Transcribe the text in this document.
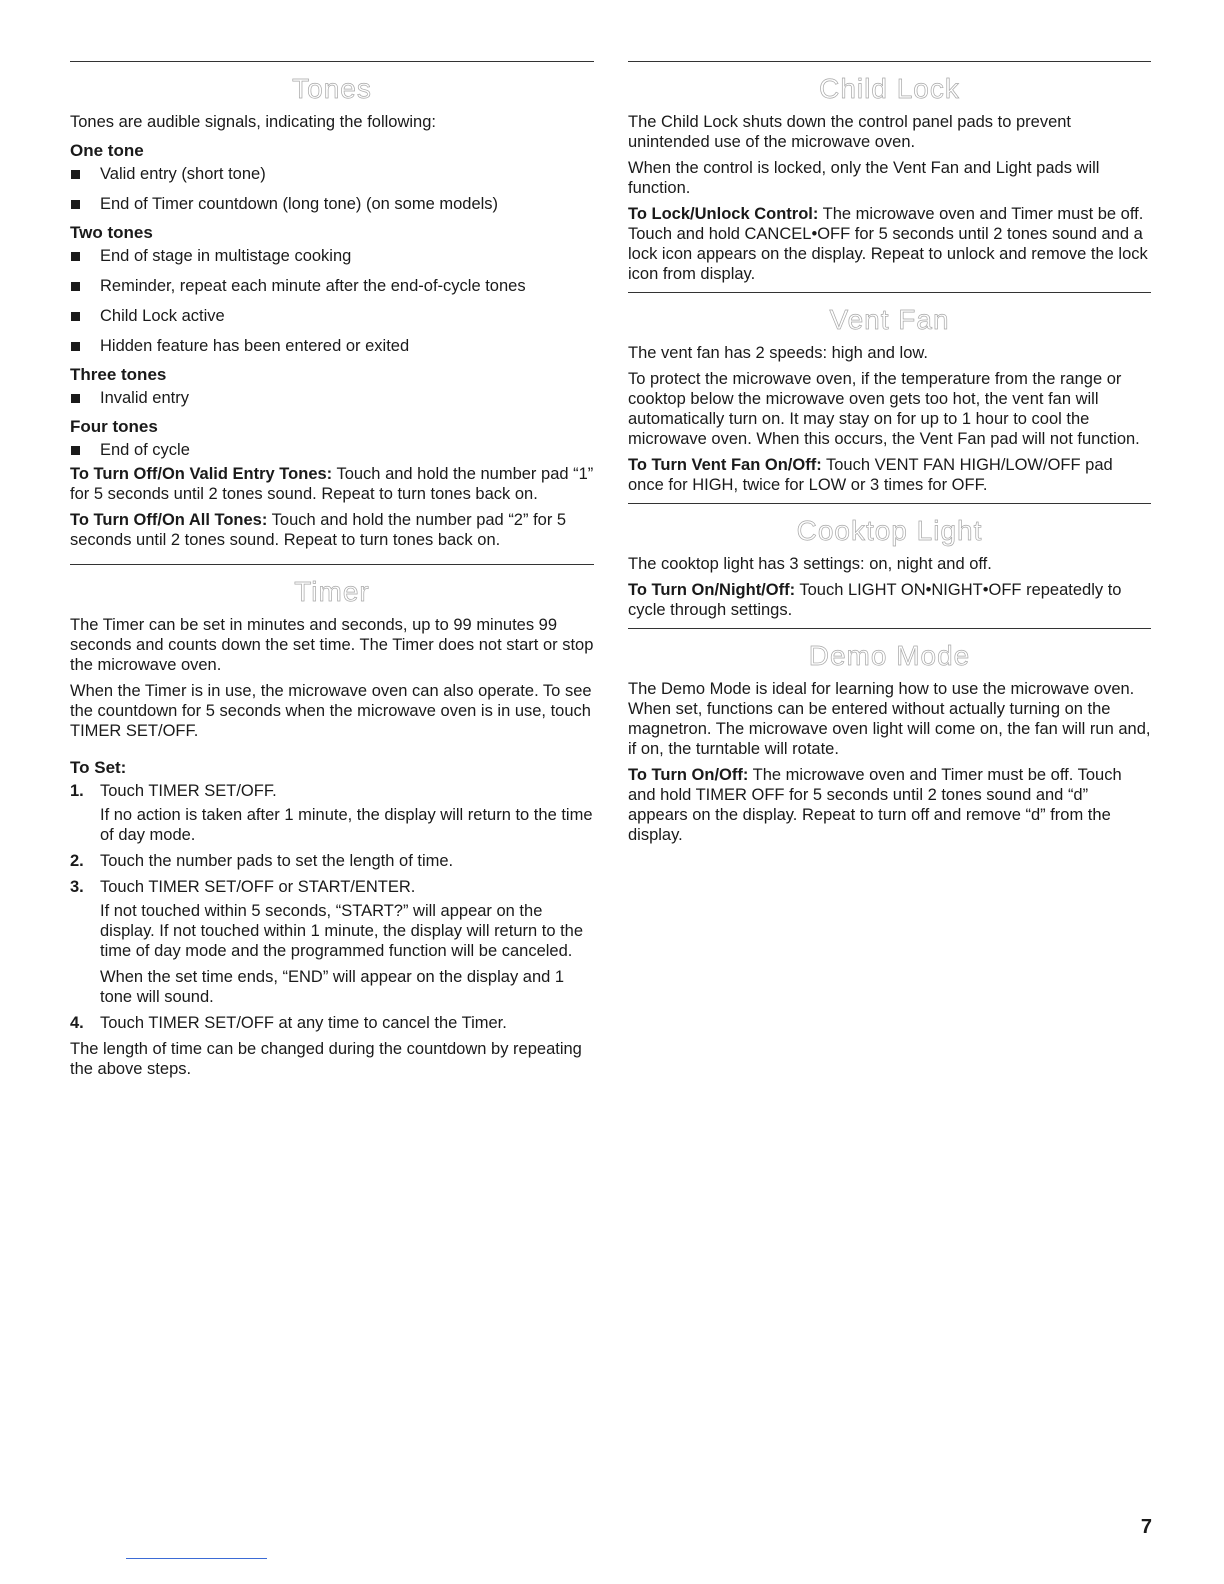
Tones

Tones are audible signals, indicating the following:

One tone
Valid entry (short tone)
End of Timer countdown (long tone) (on some models)
Two tones
End of stage in multistage cooking
Reminder, repeat each minute after the end-of-cycle tones
Child Lock active
Hidden feature has been entered or exited
Three tones
Invalid entry
Four tones
End of cycle

To Turn Off/On Valid Entry Tones: Touch and hold the number pad “1” for 5 seconds until 2 tones sound. Repeat to turn tones back on.

To Turn Off/On All Tones: Touch and hold the number pad “2” for 5 seconds until 2 tones sound. Repeat to turn tones back on.

Timer

The Timer can be set in minutes and seconds, up to 99 minutes 99 seconds and counts down the set time. The Timer does not start or stop the microwave oven.

When the Timer is in use, the microwave oven can also operate. To see the countdown for 5 seconds when the microwave oven is in use, touch TIMER SET/OFF.

To Set:
1. Touch TIMER SET/OFF.
If no action is taken after 1 minute, the display will return to the time of day mode.
2. Touch the number pads to set the length of time.
3. Touch TIMER SET/OFF or START/ENTER.
If not touched within 5 seconds, “START?” will appear on the display. If not touched within 1 minute, the display will return to the time of day mode and the programmed function will be canceled.
When the set time ends, “END” will appear on the display and 1 tone will sound.
4. Touch TIMER SET/OFF at any time to cancel the Timer.

The length of time can be changed during the countdown by repeating the above steps.

Child Lock

The Child Lock shuts down the control panel pads to prevent unintended use of the microwave oven.

When the control is locked, only the Vent Fan and Light pads will function.

To Lock/Unlock Control: The microwave oven and Timer must be off. Touch and hold CANCEL•OFF for 5 seconds until 2 tones sound and a lock icon appears on the display. Repeat to unlock and remove the lock icon from display.

Vent Fan

The vent fan has 2 speeds: high and low.

To protect the microwave oven, if the temperature from the range or cooktop below the microwave oven gets too hot, the vent fan will automatically turn on. It may stay on for up to 1 hour to cool the microwave oven. When this occurs, the Vent Fan pad will not function.

To Turn Vent Fan On/Off: Touch VENT FAN HIGH/LOW/OFF pad once for HIGH, twice for LOW or 3 times for OFF.

Cooktop Light

The cooktop light has 3 settings: on, night and off.

To Turn On/Night/Off: Touch LIGHT ON•NIGHT•OFF repeatedly to cycle through settings.

Demo Mode

The Demo Mode is ideal for learning how to use the microwave oven. When set, functions can be entered without actually turning on the magnetron. The microwave oven light will come on, the fan will run and, if on, the turntable will rotate.

To Turn On/Off: The microwave oven and Timer must be off. Touch and hold TIMER OFF for 5 seconds until 2 tones sound and “d” appears on the display. Repeat to turn off and remove “d” from the display.

7
